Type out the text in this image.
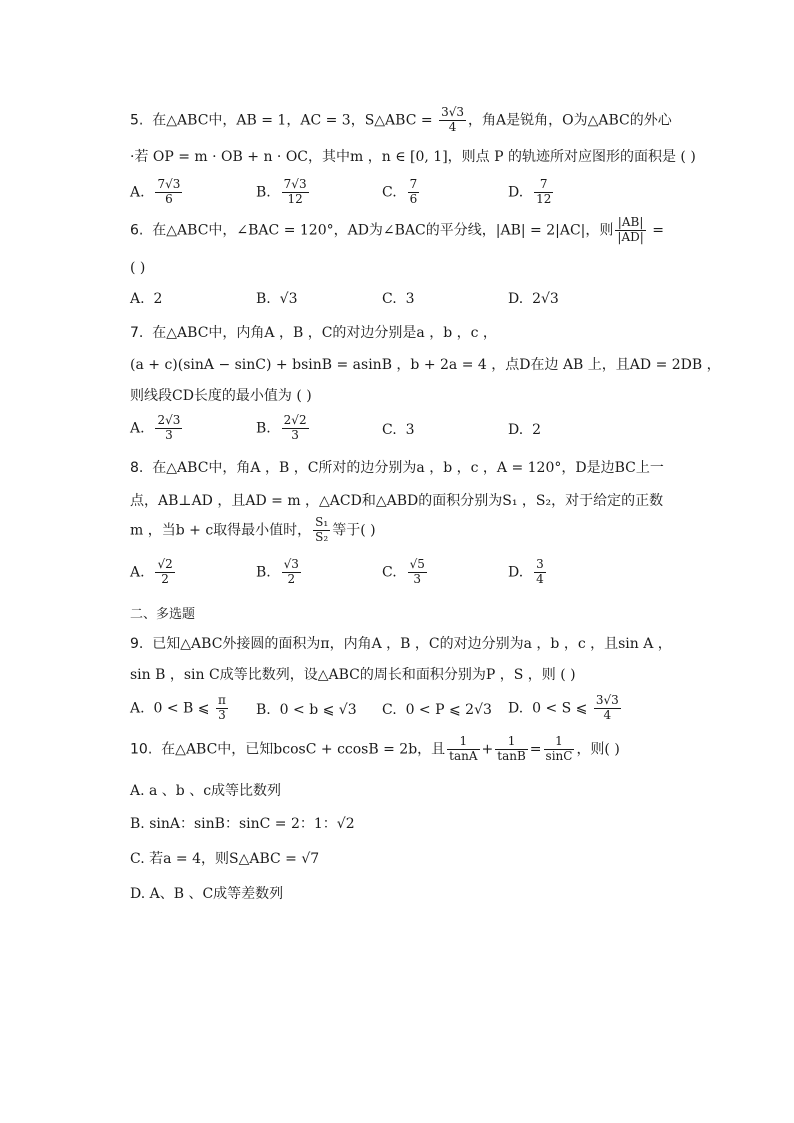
5. 在△ABC中，AB = 1，AC = 3，S△ABC = $\frac{3√3}{4}$ ，角A是锐角，O为△ABC的外心
·若 OP = m · OB + n · OC，其中m ，n ∈ [0, 1]，则点 P 的轨迹所对应图形的面积是 ( )
A. $\frac{7√3}{6}$	B. $\frac{7√3}{12}$	C. $\frac{7}{6}$	D. $\frac{7}{12}$
6. 在△ABC中，∠BAC = 120°，AD为∠BAC的平分线，|AB| = 2|AC|，则 $\frac{|AB|}{|AD|}$ =
( )
A. 2	B. √3	C. 3	D. 2√3
7. 在△ABC中，内角A ，B ，C的对边分别是a ，b ，c ，
(a + c)(sinA − sinC) + bsinB = asinB ，b + 2a = 4 ，点D在边 AB 上，且AD = 2DB ，
则线段CD长度的最小值为 ( )
A. $\frac{2√3}{3}$	B. $\frac{2√2}{3}$	C. 3	D. 2
8. 在△ABC中，角A ，B ，C所对的边分别为a ，b ，c ，A = 120°，D是边BC上一
点，AB⊥AD ，且AD = m ，△ACD和△ABD的面积分别为S₁ ，S₂，对于给定的正数
m ，当b + c取得最小值时， $\frac{\text{S₁}}{\text{S₂}}$ 等于( )
A. $\frac{√2}{2}$	B. $\frac{√3}{2}$	C. $\frac{√5}{3}$	D. $\frac{3}{4}$
二、多选题
9. 已知△ABC外接圆的面积为π，内角A ，B ，C的对边分别为a ，b ，c ，且sin A ，
sin B ，sin C成等比数列，设△ABC的周长和面积分别为P ，S ，则 ( )
A. 0 < B ⩽ $\frac{\pi}{3} B$. 0 < b ⩽ √3 C. 0 < P ⩽ 2√3 D. 0 < S ⩽ $\frac{3√3}{4}$
10. 在△ABC中，已知bcosC + ccosB = 2b，且 $\frac{1}{\tan A} + \frac{1}{\tan B} = \frac{1}{\sin C}$ ，则( )
A. a 、b 、c成等比数列
B. sinA：sinB：sinC = 2：1：√2
C. 若a = 4，则S△ABC = √7
D. A、B 、C成等差数列
